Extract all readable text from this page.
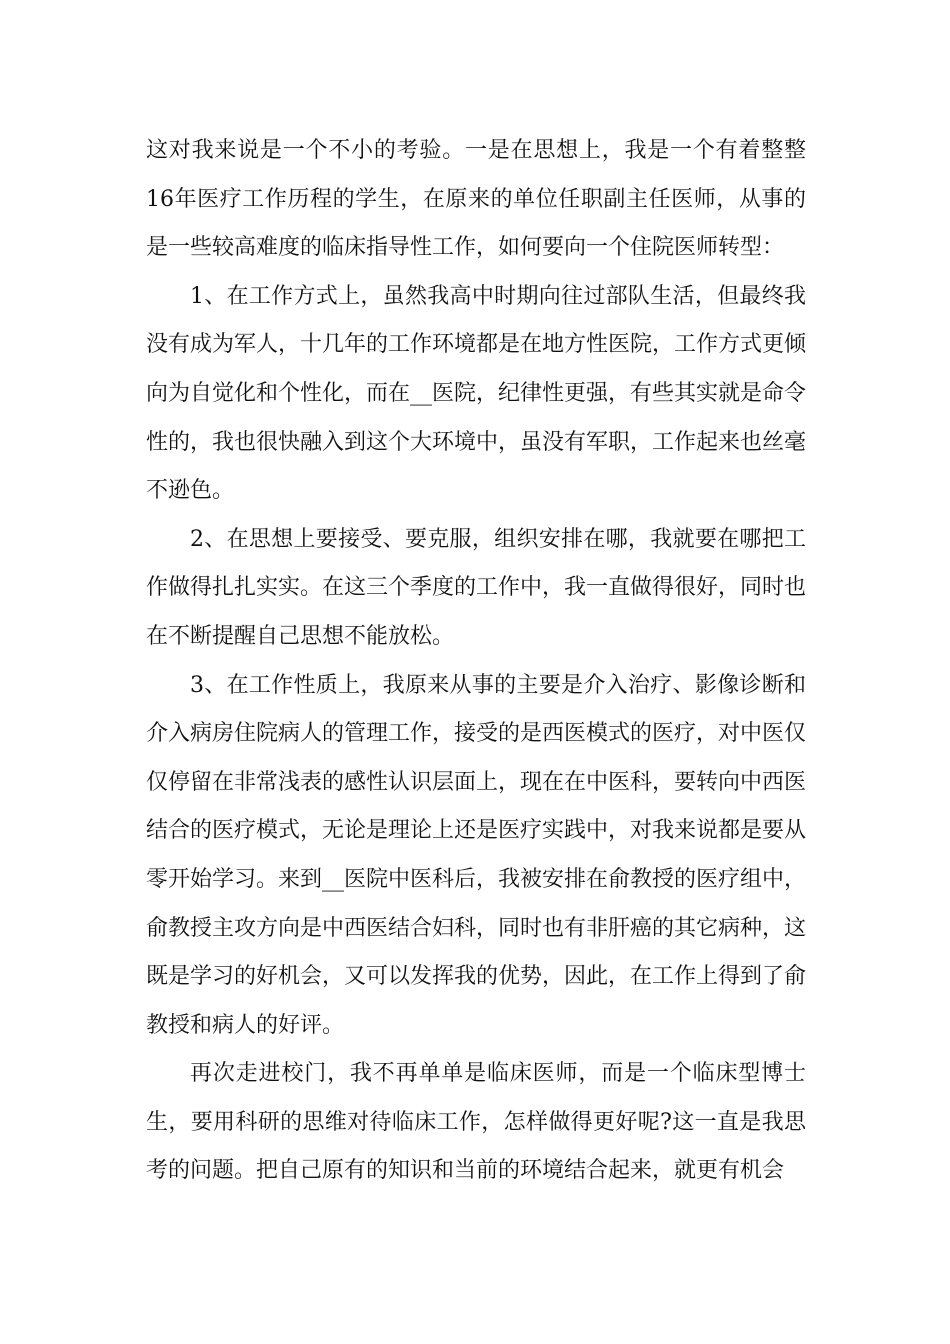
这对我来说是一个不小的考验。一是在思想上，我是一个有着整整16年医疗工作历程的学生，在原来的单位任职副主任医师，从事的是一些较高难度的临床指导性工作，如何要向一个住院医师转型：

1、在工作方式上，虽然我高中时期向往过部队生活，但最终我没有成为军人，十几年的工作环境都是在地方性医院，工作方式更倾向为自觉化和个性化，而在__医院，纪律性更强，有些其实就是命令性的，我也很快融入到这个大环境中，虽没有军职，工作起来也丝毫不逊色。

2、在思想上要接受、要克服，组织安排在哪，我就要在哪把工作做得扎扎实实。在这三个季度的工作中，我一直做得很好，同时也在不断提醒自己思想不能放松。

3、在工作性质上，我原来从事的主要是介入治疗、影像诊断和介入病房住院病人的管理工作，接受的是西医模式的医疗，对中医仅仅停留在非常浅表的感性认识层面上，现在在中医科，要转向中西医结合的医疗模式，无论是理论上还是医疗实践中，对我来说都是要从零开始学习。来到__医院中医科后，我被安排在俞教授的医疗组中，俞教授主攻方向是中西医结合妇科，同时也有非肝癌的其它病种，这既是学习的好机会，又可以发挥我的优势，因此，在工作上得到了俞教授和病人的好评。

再次走进校门，我不再单单是临床医师，而是一个临床型博士生，要用科研的思维对待临床工作，怎样做得更好呢?这一直是我思考的问题。把自己原有的知识和当前的环境结合起来，就更有机会
